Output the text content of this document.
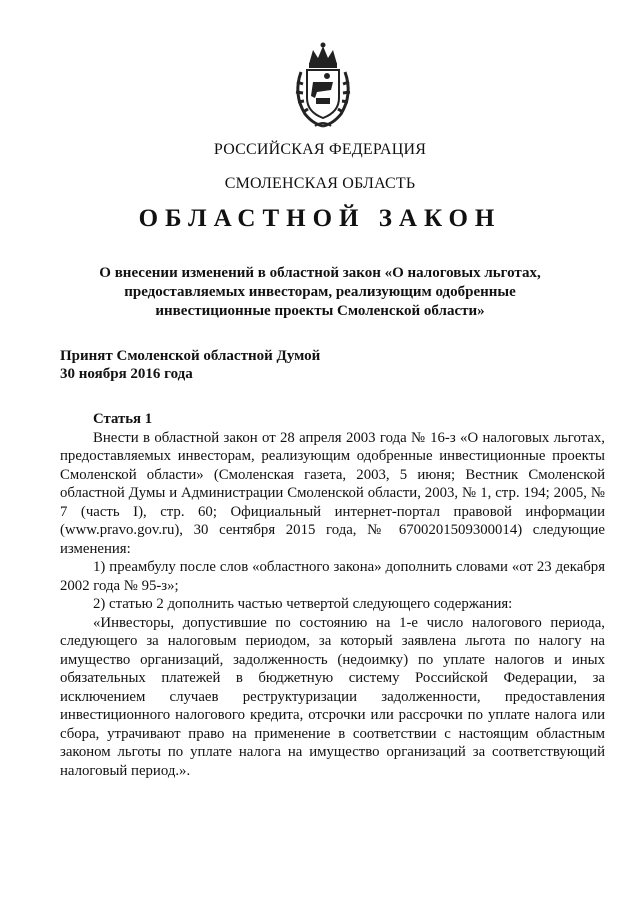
РОССИЙСКАЯ ФЕДЕРАЦИЯ
СМОЛЕНСКАЯ ОБЛАСТЬ
ОБЛАСТНОЙ ЗАКОН
О внесении изменений в областной закон «О налоговых льготах, предоставляемых инвесторам, реализующим одобренные инвестиционные проекты Смоленской области»
Принят Смоленской областной Думой
30 ноября 2016 года

Статья 1

Внести в областной закон от 28 апреля 2003 года № 16-з «О налоговых льготах, предоставляемых инвесторам, реализующим одобренные инвестиционные проекты Смоленской области» (Смоленская газета, 2003, 5 июня; Вестник Смоленской областной Думы и Администрации Смоленской области, 2003, № 1, стр. 194; 2005, № 7 (часть I), стр. 60; Официальный интернет-портал правовой информации (www.pravo.gov.ru), 30 сентября 2015 года, № 6700201509300014) следующие изменения:

1) преамбулу после слов «областного закона» дополнить словами «от 23 декабря 2002 года № 95-з»;

2) статью 2 дополнить частью четвертой следующего содержания:

«Инвесторы, допустившие по состоянию на 1-е число налогового периода, следующего за налоговым периодом, за который заявлена льгота по налогу на имущество организаций, задолженность (недоимку) по уплате налогов и иных обязательных платежей в бюджетную систему Российской Федерации, за исключением случаев реструктуризации задолженности, предоставления инвестиционного налогового кредита, отсрочки или рассрочки по уплате налога или сбора, утрачивают право на применение в соответствии с настоящим областным законом льготы по уплате налога на имущество организаций за соответствующий налоговый период.».
